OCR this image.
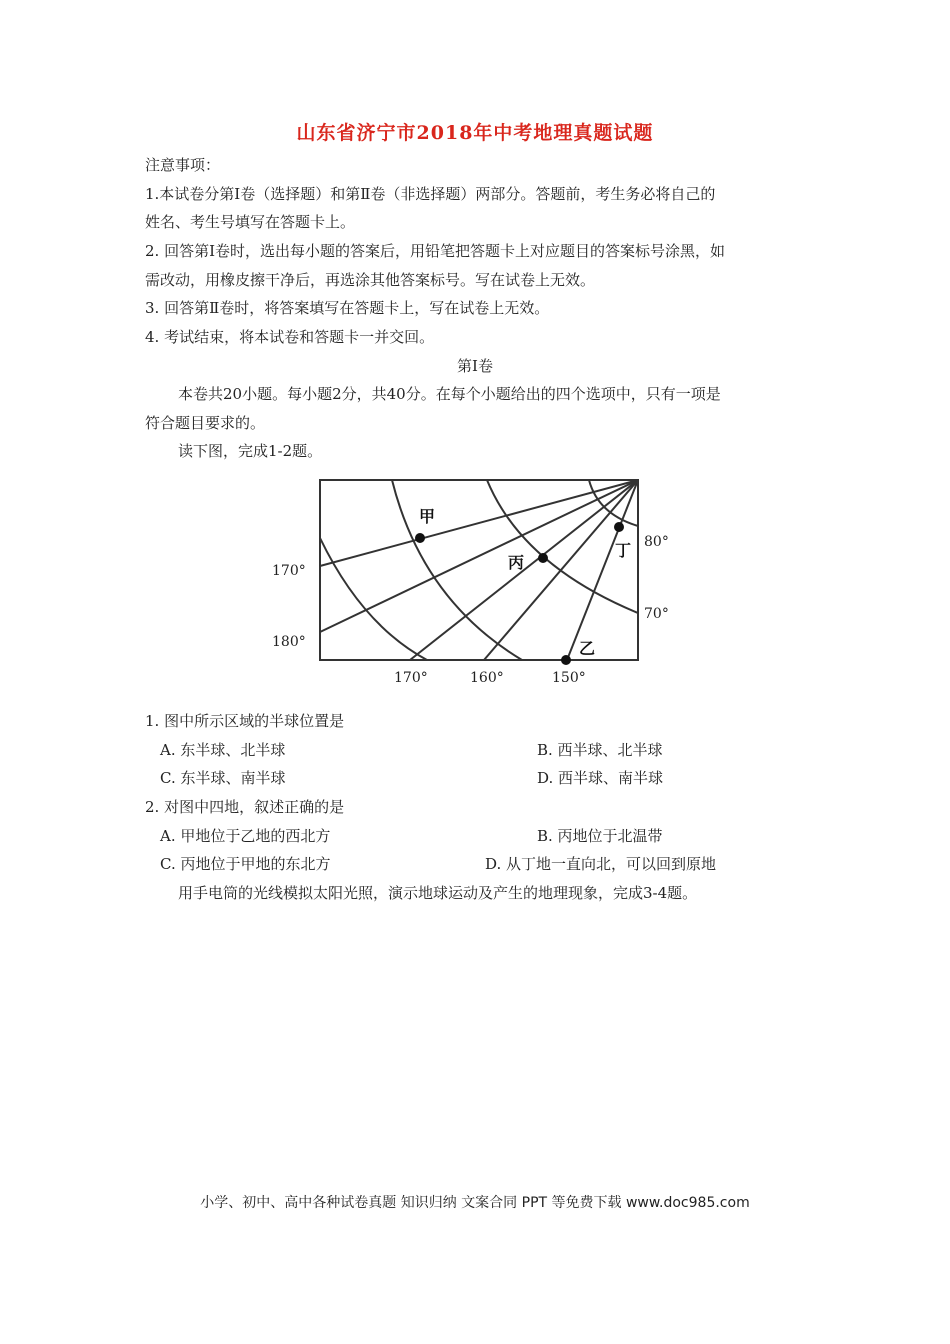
山东省济宁市2018年中考地理真题试题
注意事项：
1.本试卷分第Ⅰ卷（选择题）和第Ⅱ卷（非选择题）两部分。答题前，考生务必将自己的
姓名、考生号填写在答题卡上。
2. 回答第Ⅰ卷时，选出每小题的答案后，用铅笔把答题卡上对应题目的答案标号涂黑，如
需改动，用橡皮擦干净后，再选涂其他答案标号。写在试卷上无效。
3. 回答第Ⅱ卷时，将答案填写在答题卡上，写在试卷上无效。
4. 考试结束，将本试卷和答题卡一并交回。
第Ⅰ卷
本卷共20小题。每小题2分，共40分。在每个小题给出的四个选项中，只有一项是
符合题目要求的。
读下图，完成1-2题。
甲
丙
丁
乙
170°
180°
170°	160°	150°
80°
70°
1. 图中所示区域的半球位置是
A. 东半球、北半球	B. 西半球、北半球
C. 东半球、南半球	D. 西半球、南半球
2. 对图中四地，叙述正确的是
A. 甲地位于乙地的西北方	B. 丙地位于北温带
C. 丙地位于甲地的东北方	D. 从丁地一直向北，可以回到原地
用手电筒的光线模拟太阳光照，演示地球运动及产生的地理现象，完成3-4题。
小学、初中、高中各种试卷真题 知识归纳 文案合同 PPT 等免费下载 www.doc985.com
